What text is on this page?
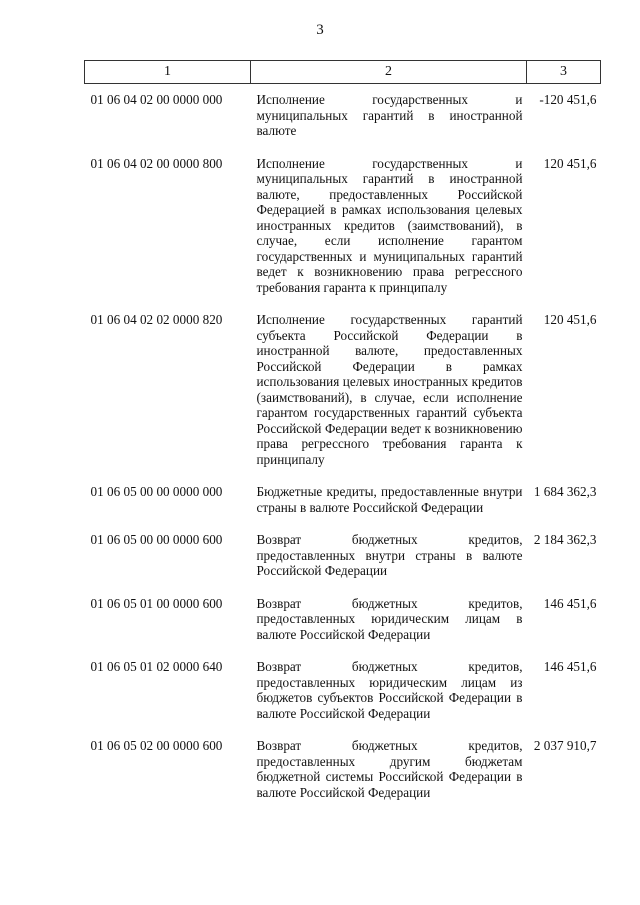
3
1	2	3
01 06 04 02 00 0000 000	Исполнение государственных и муниципальных гарантий в иностранной валюте	-120 451,6
01 06 04 02 00 0000 800	Исполнение государственных и муниципальных гарантий в иностранной валюте, предоставленных Российской Федерацией в рамках использования целевых иностранных кредитов (заимствований), в случае, если исполнение гарантом государственных и муниципальных гарантий ведет к возникновению права регрессного требования гаранта к принципалу	120 451,6
01 06 04 02 02 0000 820	Исполнение государственных гарантий субъекта Российской Федерации в иностранной валюте, предоставленных Российской Федерации в рамках использования целевых иностранных кредитов (заимствований), в случае, если исполнение гарантом государственных гарантий субъекта Российской Федерации ведет к возникновению права регрессного требования гаранта к принципалу	120 451,6
01 06 05 00 00 0000 000	Бюджетные кредиты, предоставленные внутри страны в валюте Российской Федерации	1 684 362,3
01 06 05 00 00 0000 600	Возврат бюджетных кредитов, предоставленных внутри страны в валюте Российской Федерации	2 184 362,3
01 06 05 01 00 0000 600	Возврат бюджетных кредитов, предоставленных юридическим лицам в валюте Российской Федерации	146 451,6
01 06 05 01 02 0000 640	Возврат бюджетных кредитов, предоставленных юридическим лицам из бюджетов субъектов Российской Федерации в валюте Российской Федерации	146 451,6
01 06 05 02 00 0000 600	Возврат бюджетных кредитов, предоставленных другим бюджетам бюджетной системы Российской Федерации в валюте Российской Федерации	2 037 910,7
